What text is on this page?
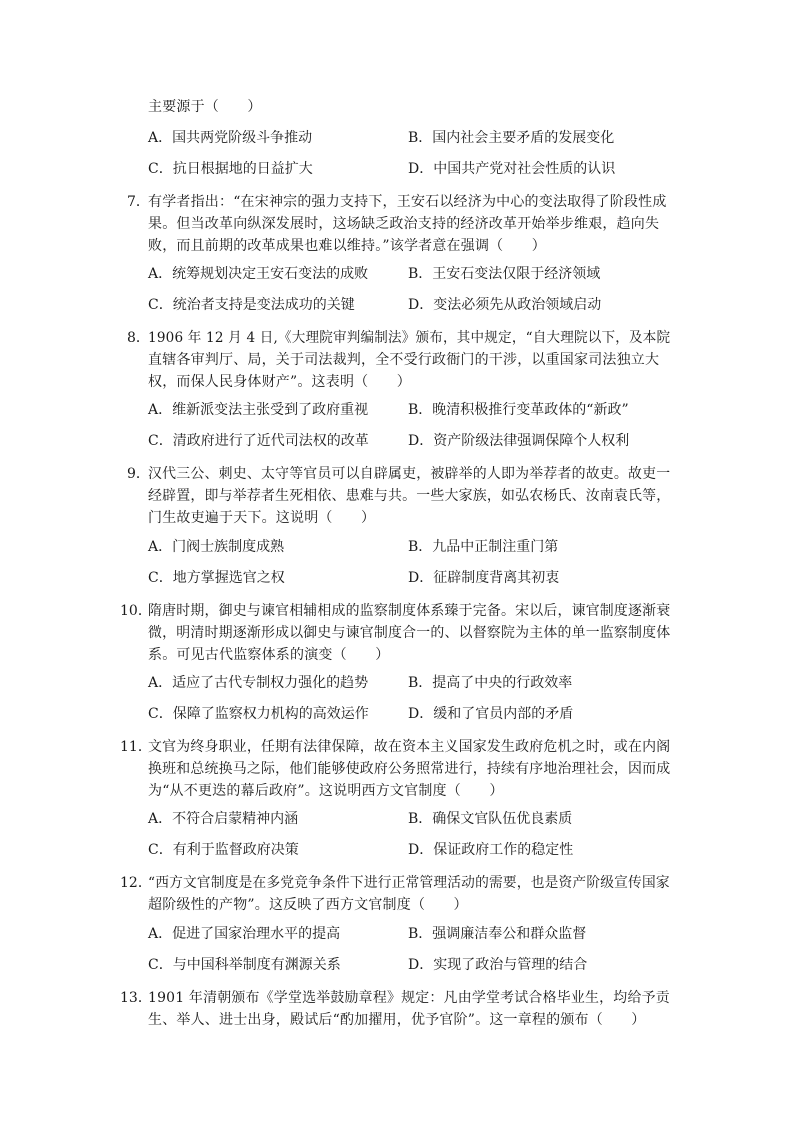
主要源于（　　）
A．国共两党阶级斗争推动	B．国内社会主要矛盾的发展变化
C．抗日根据地的日益扩大	D．中国共产党对社会性质的认识
7．
有学者指出：“在宋神宗的强力支持下，王安石以经济为中心的变法取得了阶段性成
果。但当改革向纵深发展时，这场缺乏政治支持的经济改革开始举步维艰，趋向失
败，而且前期的改革成果也难以维持。”该学者意在强调（　　）
A．统筹规划决定王安石变法的成败	B．王安石变法仅限于经济领域
C．统治者支持是变法成功的关键	D．变法必须先从政治领域启动
8．
1906 年 12 月 4 日,《大理院审判编制法》颁布，其中规定，“自大理院以下，及本院
直辖各审判厅、局，关于司法裁判，全不受行政衙门的干涉，以重国家司法独立大
权，而保人民身体财产”。这表明（　　）
A．维新派变法主张受到了政府重视	B．晚清积极推行变革政体的“新政”
C．清政府进行了近代司法权的改革	D．资产阶级法律强调保障个人权利
9．
汉代三公、刺史、太守等官员可以自辟属吏，被辟举的人即为举荐者的故吏。故吏一
经辟置，即与举荐者生死相依、患难与共。一些大家族，如弘农杨氏、汝南袁氏等，
门生故吏遍于天下。这说明（　　）
A．门阀士族制度成熟	B．九品中正制注重门第
C．地方掌握选官之权	D．征辟制度背离其初衷
10．
隋唐时期，御史与谏官相辅相成的监察制度体系臻于完备。宋以后，谏官制度逐渐衰
微，明清时期逐渐形成以御史与谏官制度合一的、以督察院为主体的单一监察制度体
系。可见古代监察体系的演变（　　）
A．适应了古代专制权力强化的趋势	B．提高了中央的行政效率
C．保障了监察权力机构的高效运作	D．缓和了官员内部的矛盾
11．
文官为终身职业，任期有法律保障，故在资本主义国家发生政府危机之时，或在内阁
换班和总统换马之际，他们能够使政府公务照常进行，持续有序地治理社会，因而成
为“从不更迭的幕后政府”。这说明西方文官制度（　　）
A．不符合启蒙精神内涵	B．确保文官队伍优良素质
C．有利于监督政府决策	D．保证政府工作的稳定性
12．
“西方文官制度是在多党竞争条件下进行正常管理活动的需要，也是资产阶级宣传国家
超阶级性的产物”。这反映了西方文官制度（　　）
A．促进了国家治理水平的提高	B．强调廉洁奉公和群众监督
C．与中国科举制度有渊源关系	D．实现了政治与管理的结合
13．
1901 年清朝颁布《学堂选举鼓励章程》规定：凡由学堂考试合格毕业生，均给予贡
生、举人、进士出身，殿试后“酌加擢用，优予官阶”。这一章程的颁布（　　）
